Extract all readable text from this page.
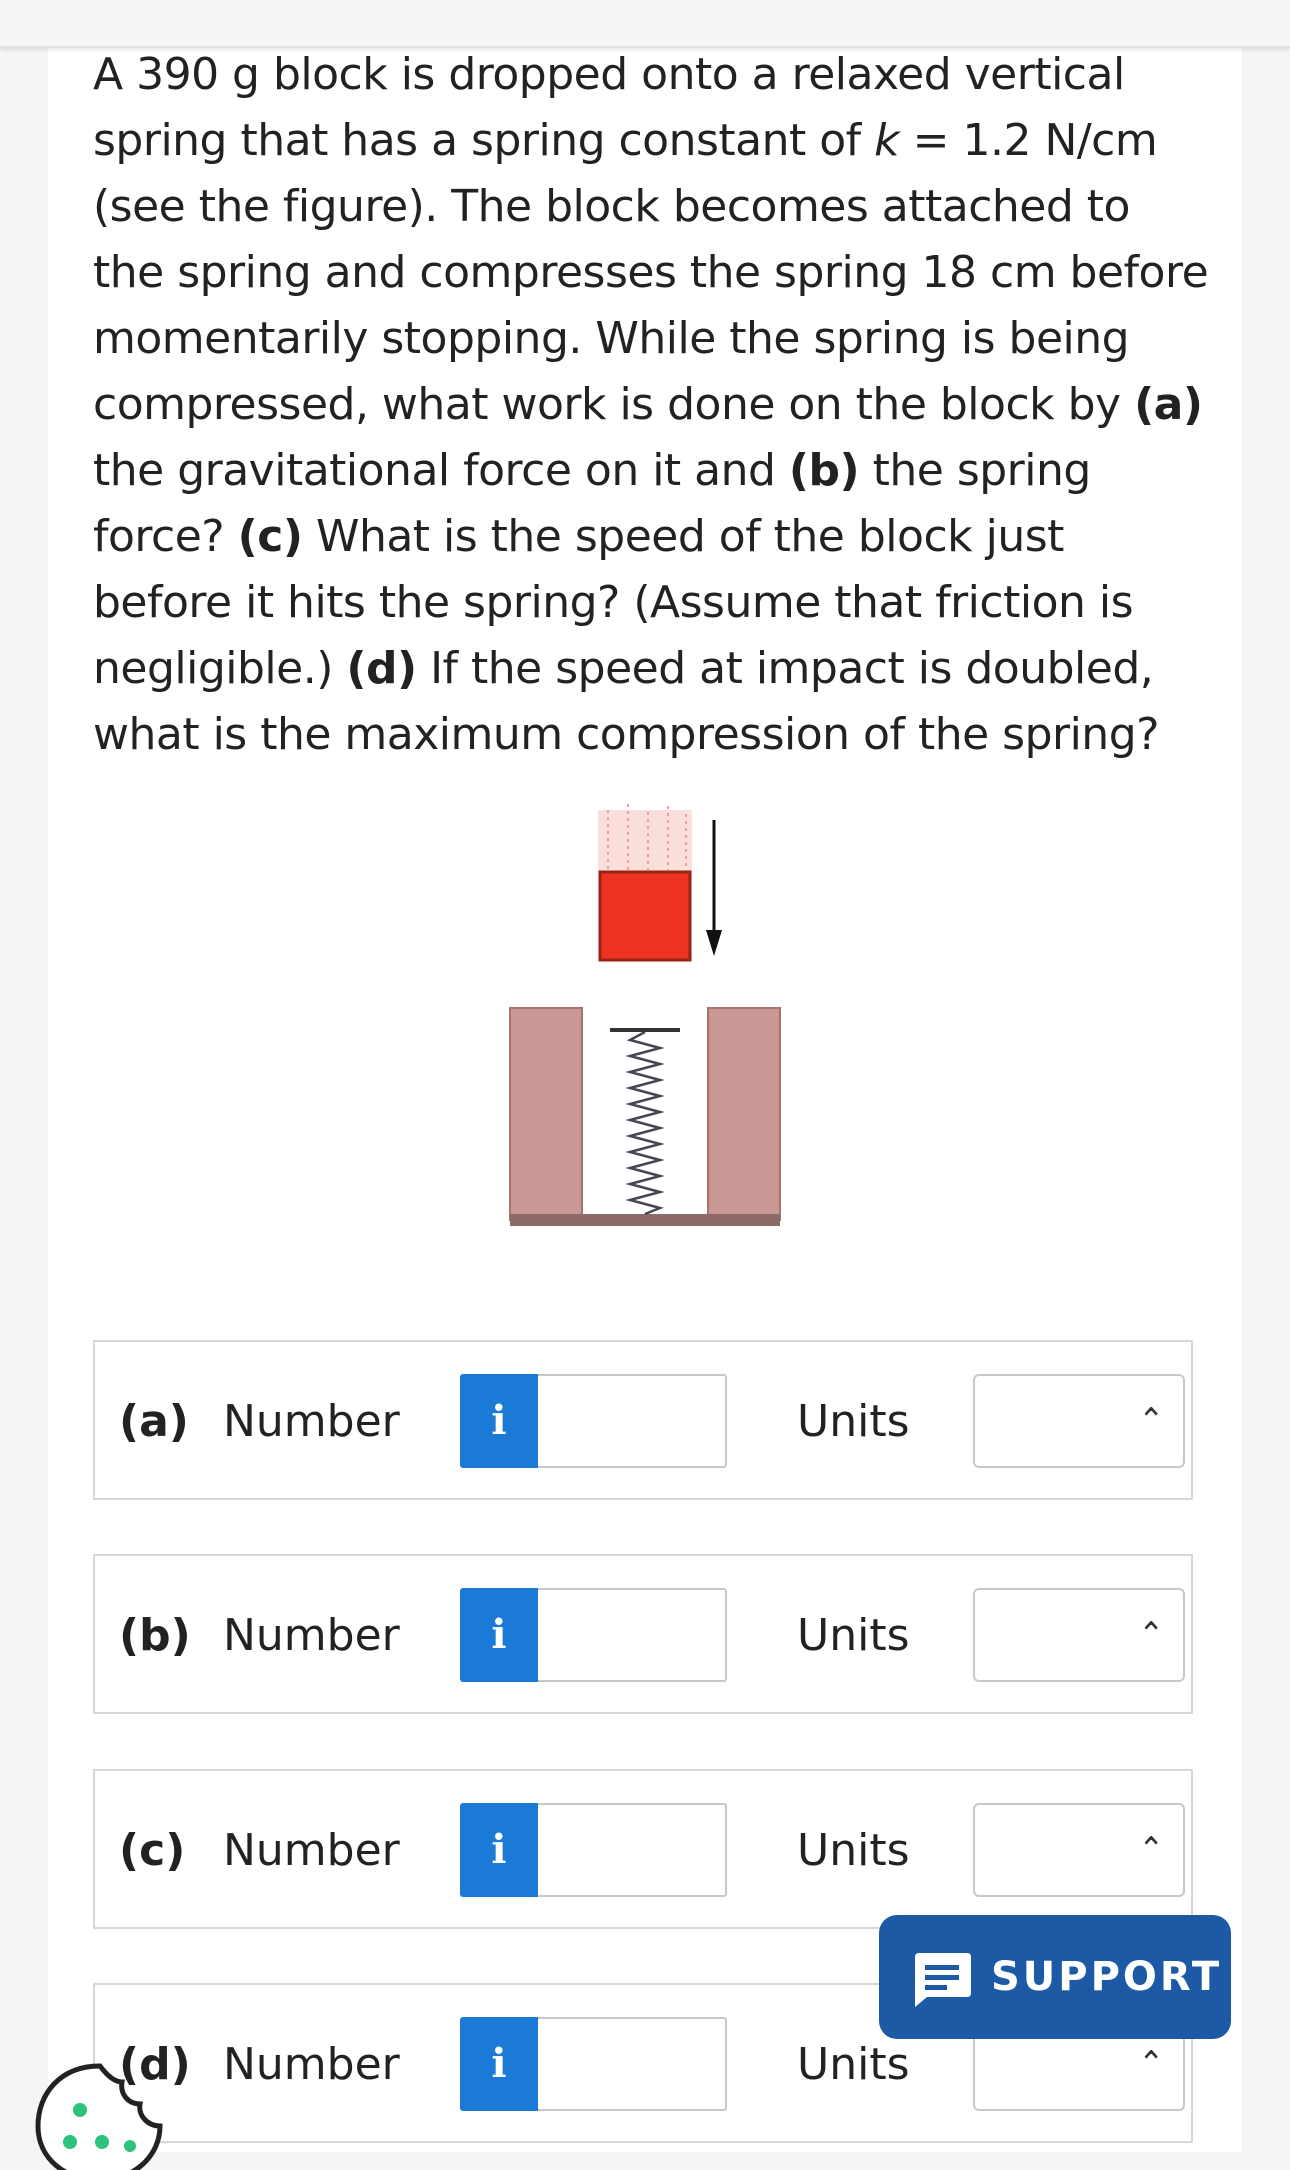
A 390 g block is dropped onto a relaxed vertical spring that has a spring constant of k = 1.2 N/cm (see the figure). The block becomes attached to the spring and compresses the spring 18 cm before momentarily stopping. While the spring is being compressed, what work is done on the block by (a) the gravitational force on it and (b) the spring force? (c) What is the speed of the block just before it hits the spring? (Assume that friction is negligible.) (d) If the speed at impact is doubled, what is the maximum compression of the spring?

(a) Number	i	Units	⌃
(b) Number	i	Units	⌃
(c) Number	i	Units	⌃
(d) Number	i	Units	⌃
SUPPORT
